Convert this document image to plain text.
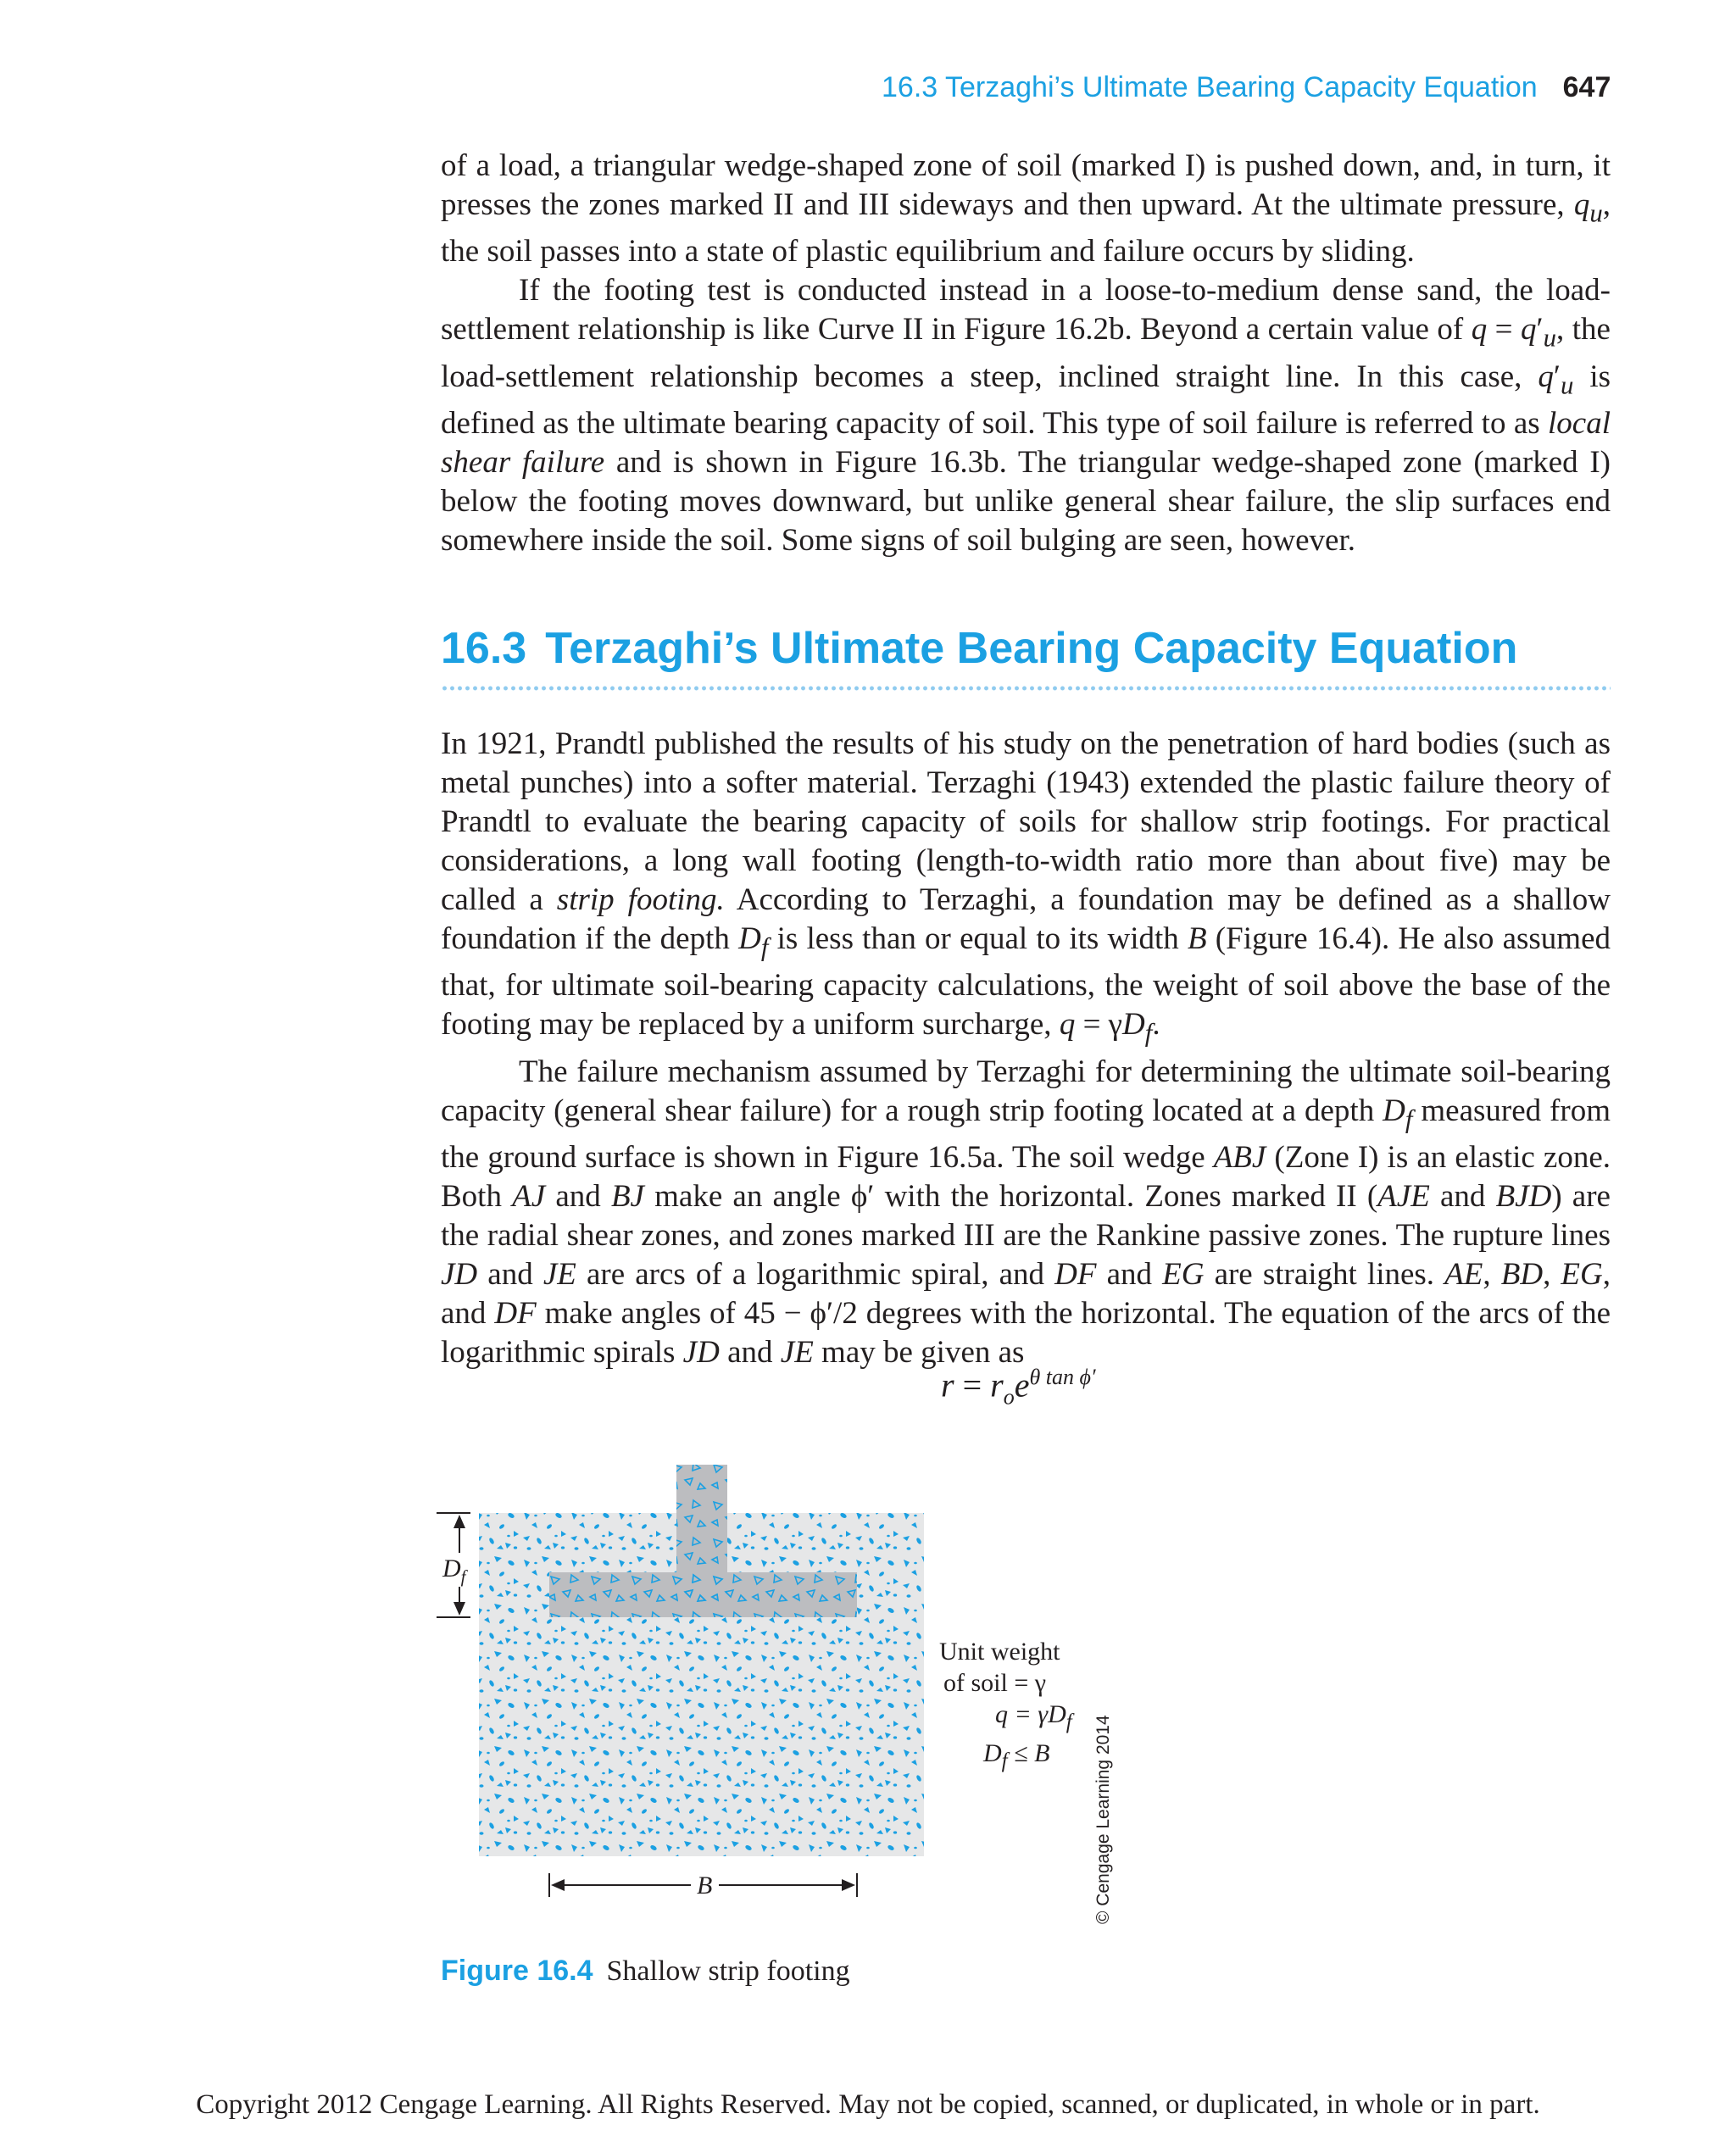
16.3 Terzaghi’s Ultimate Bearing Capacity Equation 647

of a load, a triangular wedge-shaped zone of soil (marked I) is pushed down, and, in turn, it presses the zones marked II and III sideways and then upward. At the ultimate pressure, $q_u$, the soil passes into a state of plastic equilibrium and failure occurs by sliding.

If the footing test is conducted instead in a loose-to-medium dense sand, the load-settlement relationship is like Curve II in Figure 16.2b. Beyond a certain value of $q = q'_u$, the load-settlement relationship becomes a steep, inclined straight line. In this case, $q'_u$ is defined as the ultimate bearing capacity of soil. This type of soil failure is referred to as local shear failure and is shown in Figure 16.3b. The triangular wedge-shaped zone (marked I) below the footing moves downward, but unlike general shear failure, the slip surfaces end somewhere inside the soil. Some signs of soil bulging are seen, however.

16.3 Terzaghi’s Ultimate Bearing Capacity Equation

In 1921, Prandtl published the results of his study on the penetration of hard bodies (such as metal punches) into a softer material. Terzaghi (1943) extended the plastic failure theory of Prandtl to evaluate the bearing capacity of soils for shallow strip footings. For practical considerations, a long wall footing (length-to-width ratio more than about five) may be called a strip footing. According to Terzaghi, a foundation may be defined as a shallow foundation if the depth $D_f$ is less than or equal to its width B (Figure 16.4). He also assumed that, for ultimate soil-bearing capacity calculations, the weight of soil above the base of the footing may be replaced by a uniform surcharge, $q = \gamma D_f$.

The failure mechanism assumed by Terzaghi for determining the ultimate soil-bearing capacity (general shear failure) for a rough strip footing located at a depth $D_f$ measured from the ground surface is shown in Figure 16.5a. The soil wedge ABJ (Zone I) is an elastic zone. Both AJ and BJ make an angle ϕ′ with the horizontal. Zones marked II (AJE and BJD) are the radial shear zones, and zones marked III are the Rankine passive zones. The rupture lines JD and JE are arcs of a logarithmic spiral, and DF and EG are straight lines. AE, BD, EG, and DF make angles of 45 − ϕ′/2 degrees with the horizontal. The equation of the arcs of the logarithmic spirals JD and JE may be given as

$r = r_oe^{\theta tan \phi'}$
$D_f$
B
Unit weight
of soil = γ
$q = \gamma D_f$
$D_f \le B$	© Cengage Learning 2014
Figure 16.4 Shallow strip footing
Copyright 2012 Cengage Learning. All Rights Reserved. May not be copied, scanned, or duplicated, in whole or in part.
